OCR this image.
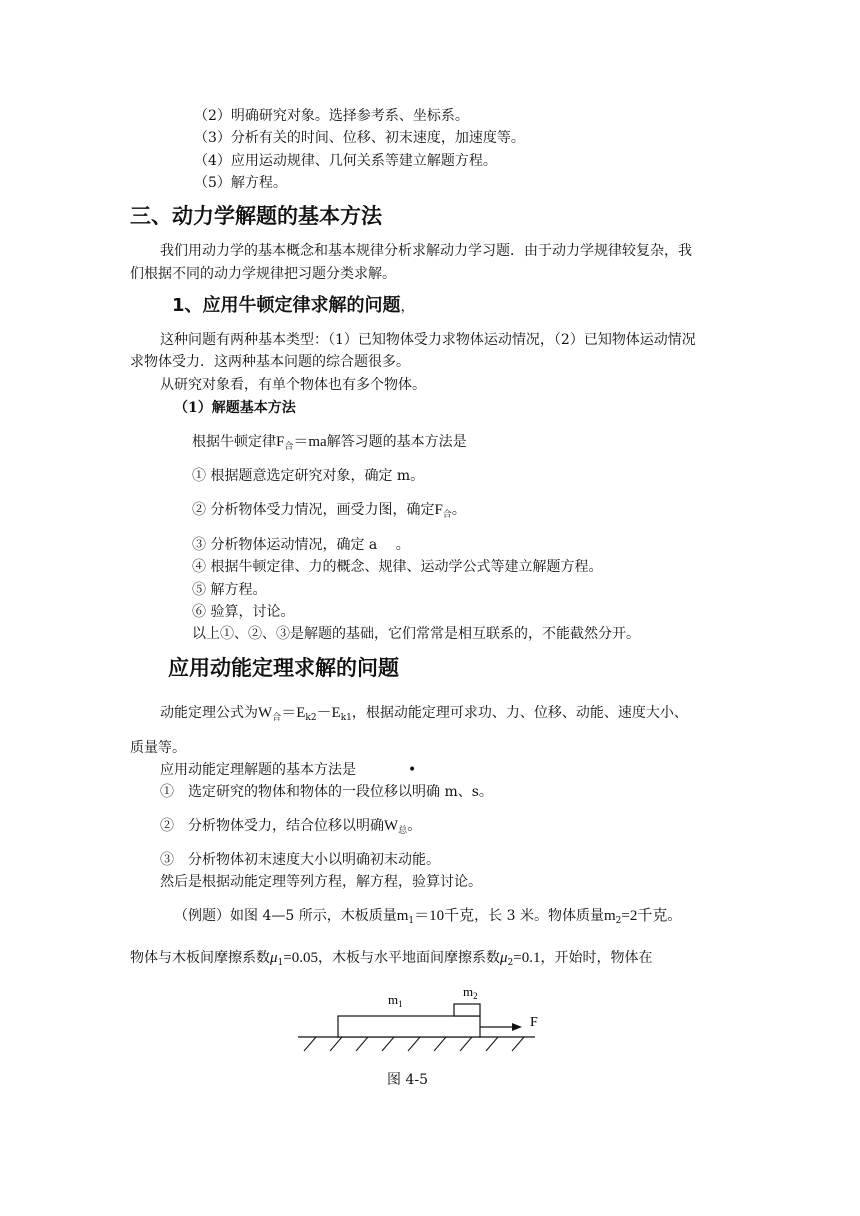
（2）明确研究对象。选择参考系、坐标系。
（3）分析有关的时间、位移、初末速度，加速度等。
（4）应用运动规律、几何关系等建立解题方程。
（5）解方程。
三、动力学解题的基本方法
我们用动力学的基本概念和基本规律分析求解动力学习题．由于动力学规律较复杂，我
们根据不同的动力学规律把习题分类求解。
1、应用牛顿定律求解的问题，
这种问题有两种基本类型：（1）已知物体受力求物体运动情况，（2）已知物体运动情况
求物体受力．这两种基本问题的综合题很多。
从研究对象看，有单个物体也有多个物体。
（1）解题基本方法
根据牛顿定律$F_合=ma$解答习题的基本方法是
① 根据题意选定研究对象，确定 m。
② 分析物体受力情况，画受力图，确定$F_合$。
③ 分析物体运动情况，确定 a 　。
④ 根据牛顿定律、力的概念、规律、运动学公式等建立解题方程。
⑤ 解方程。
⑥ 验算，讨论。
以上①、②、③是解题的基础，它们常常是相互联系的，不能截然分开。
应用动能定理求解的问题
动能定理公式为$W_合=E_{k2}-E_{k1}$，根据动能定理可求功、力、位移、动能、速度大小、
质量等。
应用动能定理解题的基本方法是	•
①　选定研究的物体和物体的一段位移以明确 m、s。
②　分析物体受力，结合位移以明确$W_总$。
③　分析物体初末速度大小以明确初末动能。
然后是根据动能定理等列方程，解方程，验算讨论。
（例题）如图 4—5 所示，木板质量$m_1=10$千克，长 3 米。物体质量$m_2=2$千克。
物体与木板间摩擦系数$\mu_1=0.05$，木板与水平地面间摩擦系数$\mu_2=0.1$，开始时，物体在
$m_1$
$m_2$
F
图 4-5
